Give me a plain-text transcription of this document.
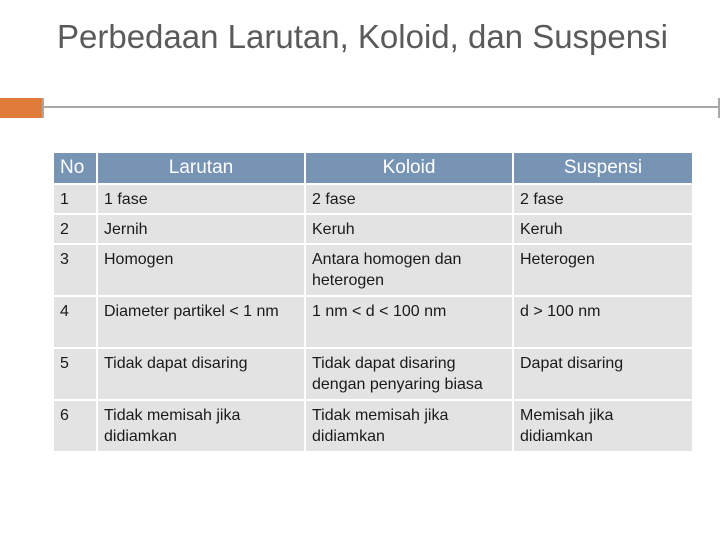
Perbedaan Larutan, Koloid, dan Suspensi
No	Larutan	Koloid	Suspensi
1	1 fase	2 fase	2 fase
2	Jernih	Keruh	Keruh
3	Homogen	Antara homogen dan heterogen	Heterogen
4	Diameter partikel < 1 nm	1 nm < d < 100 nm	d > 100 nm
5	Tidak dapat disaring	Tidak dapat disaring dengan penyaring biasa	Dapat disaring
6	Tidak memisah jika didiamkan	Tidak memisah jika didiamkan	Memisah jika didiamkan
